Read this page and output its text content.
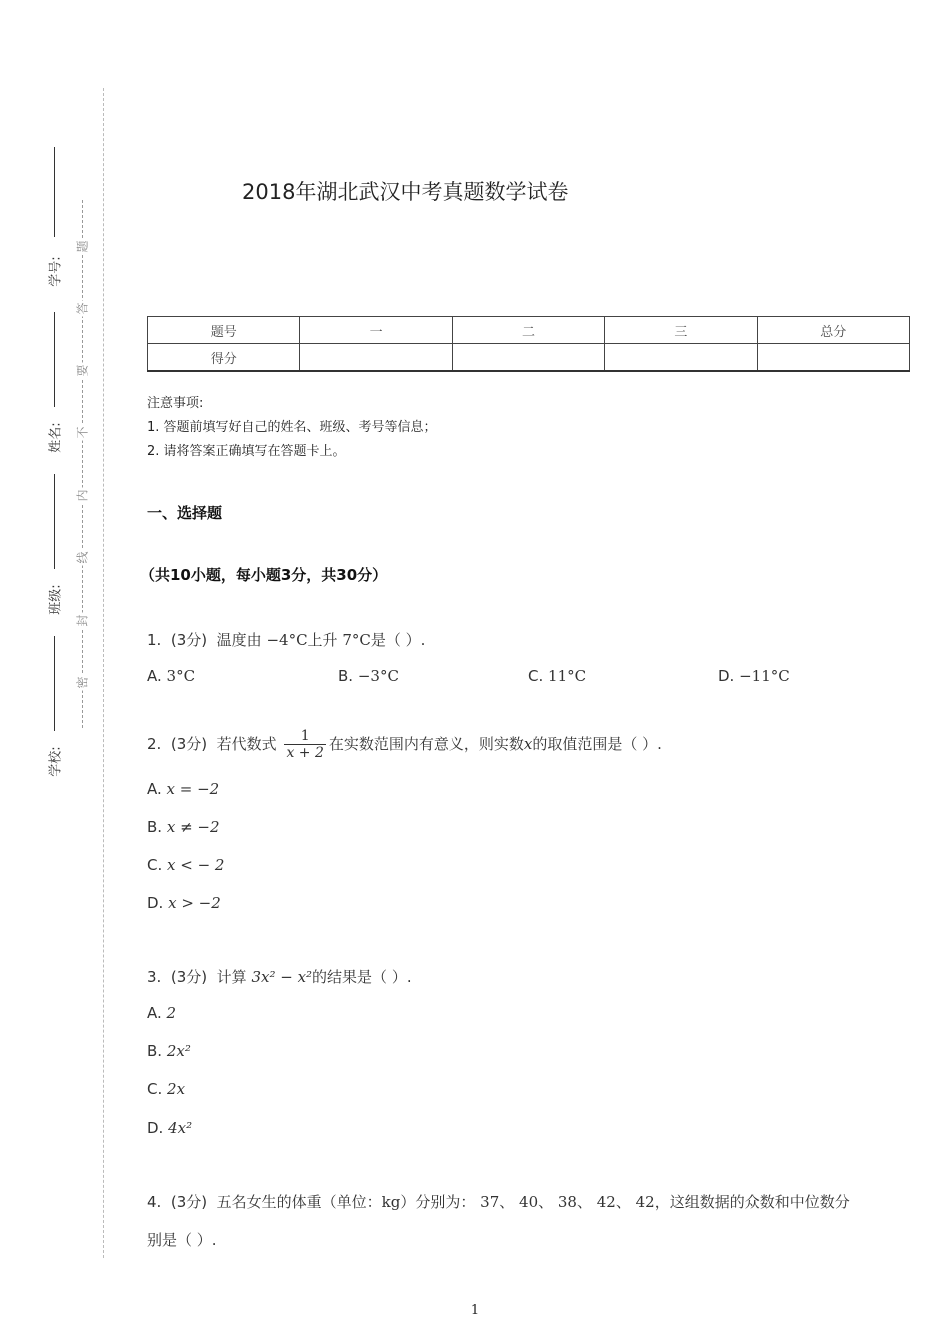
学号:
姓名:
班级:
学校:
题
答
要
不
内
线
封
密
2018年湖北武汉中考真题数学试卷
题号	一	二	三	总分
得分				
注意事项:
1. 答题前填写好自己的姓名、班级、考号等信息；
2. 请将答案正确填写在答题卡上。
一、选择题
（共10小题，每小题3分，共30分）
1. (3分) 温度由 −4°C上升 7°C是（ ）.
A. 3°C	B. −3°C	C. 11°C	D. −11°C
2. (3分) 若代数式 $\frac{1}{x + 2}$ 在实数范围内有意义，则实数x的取值范围是（ ）.
A. x = −2
B. x ≠ −2
C. x < − 2
D. x > −2
3. (3分) 计算 3x² − x²的结果是（ ）.
A. 2
B. 2x²
C. 2x
D. 4x²
4. (3分) 五名女生的体重（单位：kg）分别为： 37、 40、 38、 42、 42，这组数据的众数和中位数分
别是（ ）.
1
